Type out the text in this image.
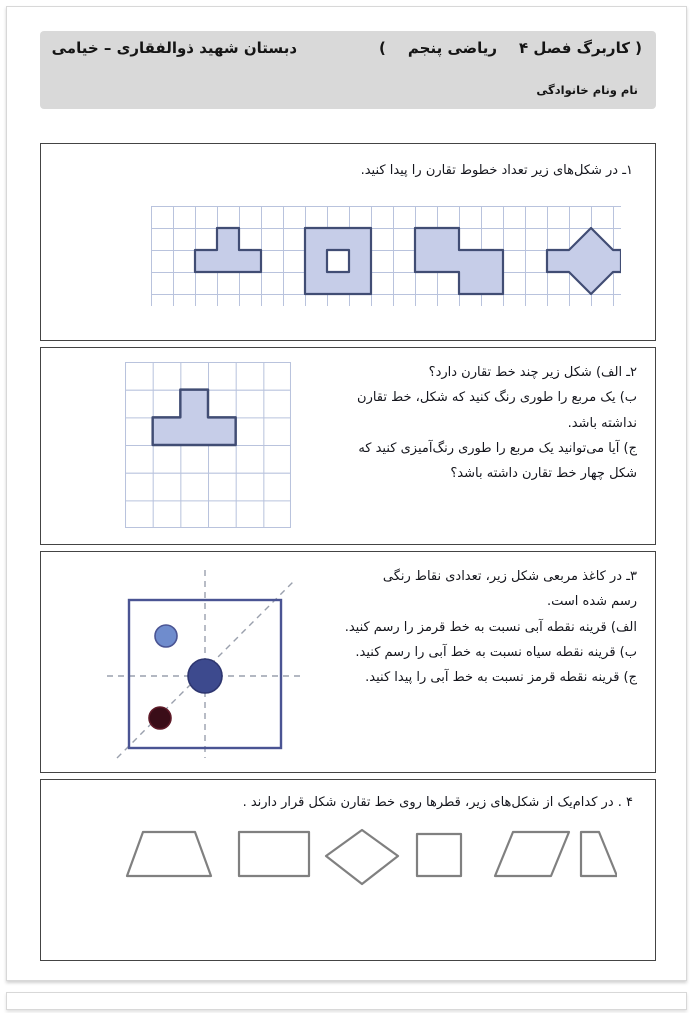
( کاربرگ فصل ۴
ریاضی پنجم
)
دبستان شهید ذوالفقاری – خیامی
نام ونام خانوادگی
۱ـ در شکل‌های زیر تعداد خطوط تقارن را پیدا کنید.
۲ـ الف) شکل زیر چند خط تقارن دارد؟
ب) یک مربع را طوری رنگ کنید که شکل، خط تقارن
نداشته باشد.
ج) آیا می‌توانید یک مربع را طوری رنگ‌آمیزی کنید که
شکل چهار خط تقارن داشته باشد؟
۳ـ در کاغذ مربعی شکل زیر، تعدادی نقاط رنگی
رسم شده است.
الف) قرینه نقطه آبی نسبت به خط قرمز را رسم کنید.
ب) قرینه نقطه سیاه نسبت به خط آبی را رسم کنید.
ج) قرینه نقطه قرمز نسبت به خط آبی را پیدا کنید.
۴ . در کدام‌یک از شکل‌های زیر، قطرها روی خط تقارن شکل قرار دارند .
